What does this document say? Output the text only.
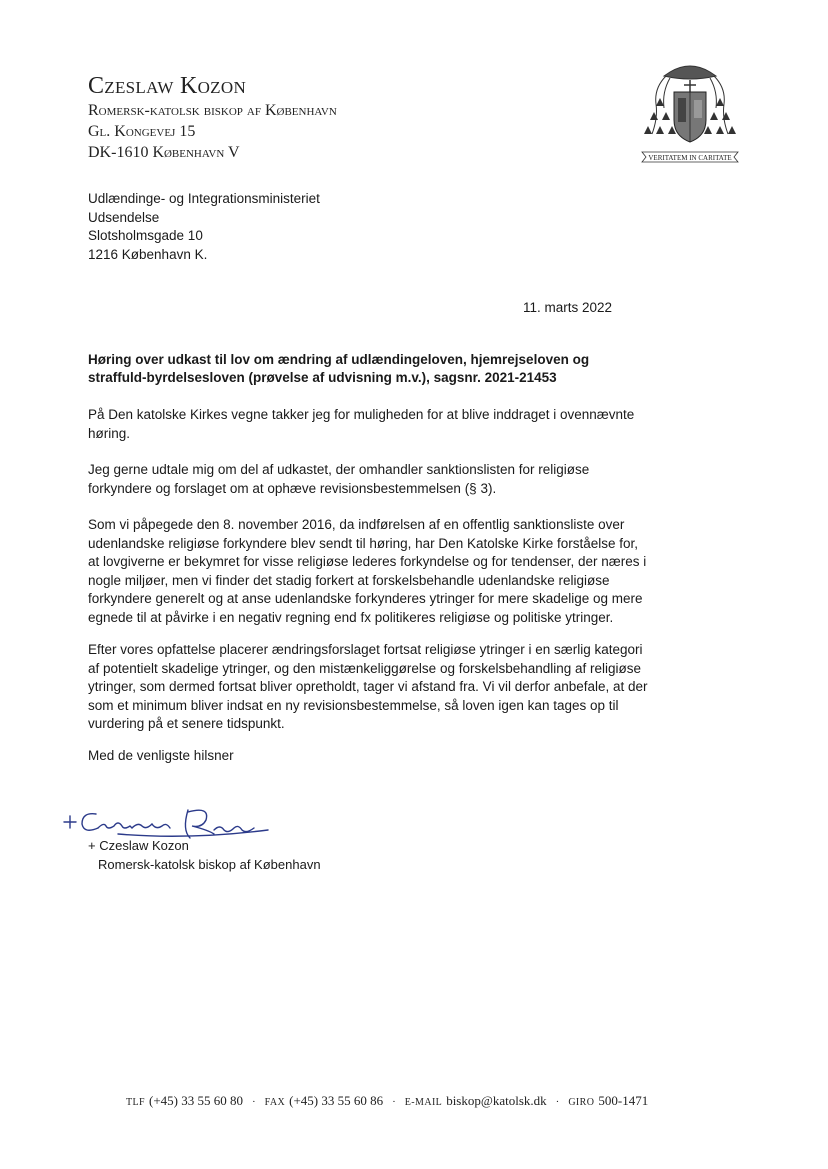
Czeslaw Kozon
Romersk-katolsk biskop af København
Gl. Kongevej 15
DK-1610 København V	VERITATEM IN CARITATE
Udlændinge- og Integrationsministeriet
Udsendelse
Slotsholmsgade 10
1216 København K.
11. marts 2022
Høring over udkast til lov om ændring af udlændingeloven, hjemrejseloven og straffuld-byrdelsesloven (prøvelse af udvisning m.v.), sagsnr. 2021-21453

På Den katolske Kirkes vegne takker jeg for muligheden for at blive inddraget i ovennævnte høring.

Jeg gerne udtale mig om del af udkastet, der omhandler sanktionslisten for religiøse forkyndere og forslaget om at ophæve revisionsbestemmelsen (§ 3).

Som vi påpegede den 8. november 2016, da indførelsen af en offentlig sanktionsliste over udenlandske religiøse forkyndere blev sendt til høring, har Den Katolske Kirke forståelse for, at lovgiverne er bekymret for visse religiøse lederes forkyndelse og for tendenser, der næres i nogle miljøer, men vi finder det stadig forkert at forskelsbehandle udenlandske religiøse forkyndere generelt og at anse udenlandske forkynderes ytringer for mere skadelige og mere egnede til at påvirke i en negativ regning end fx politikeres religiøse og politiske ytringer.

Efter vores opfattelse placerer ændringsforslaget fortsat religiøse ytringer i en særlig kategori af potentielt skadelige ytringer, og den mistænkeliggørelse og forskelsbehandling af religiøse ytringer, som dermed fortsat bliver opretholdt, tager vi afstand fra. Vi vil derfor anbefale, at der som et minimum bliver indsat en ny revisionsbestemmelse, så loven igen kan tages op til vurdering på et senere tidspunkt.

Med de venligste hilsner
+ Czeslaw Kozon
Romersk-katolsk biskop af København
TLF (+45) 33 55 60 80 · FAX (+45) 33 55 60 86 · E-MAIL biskop@katolsk.dk · GIRO 500-1471
